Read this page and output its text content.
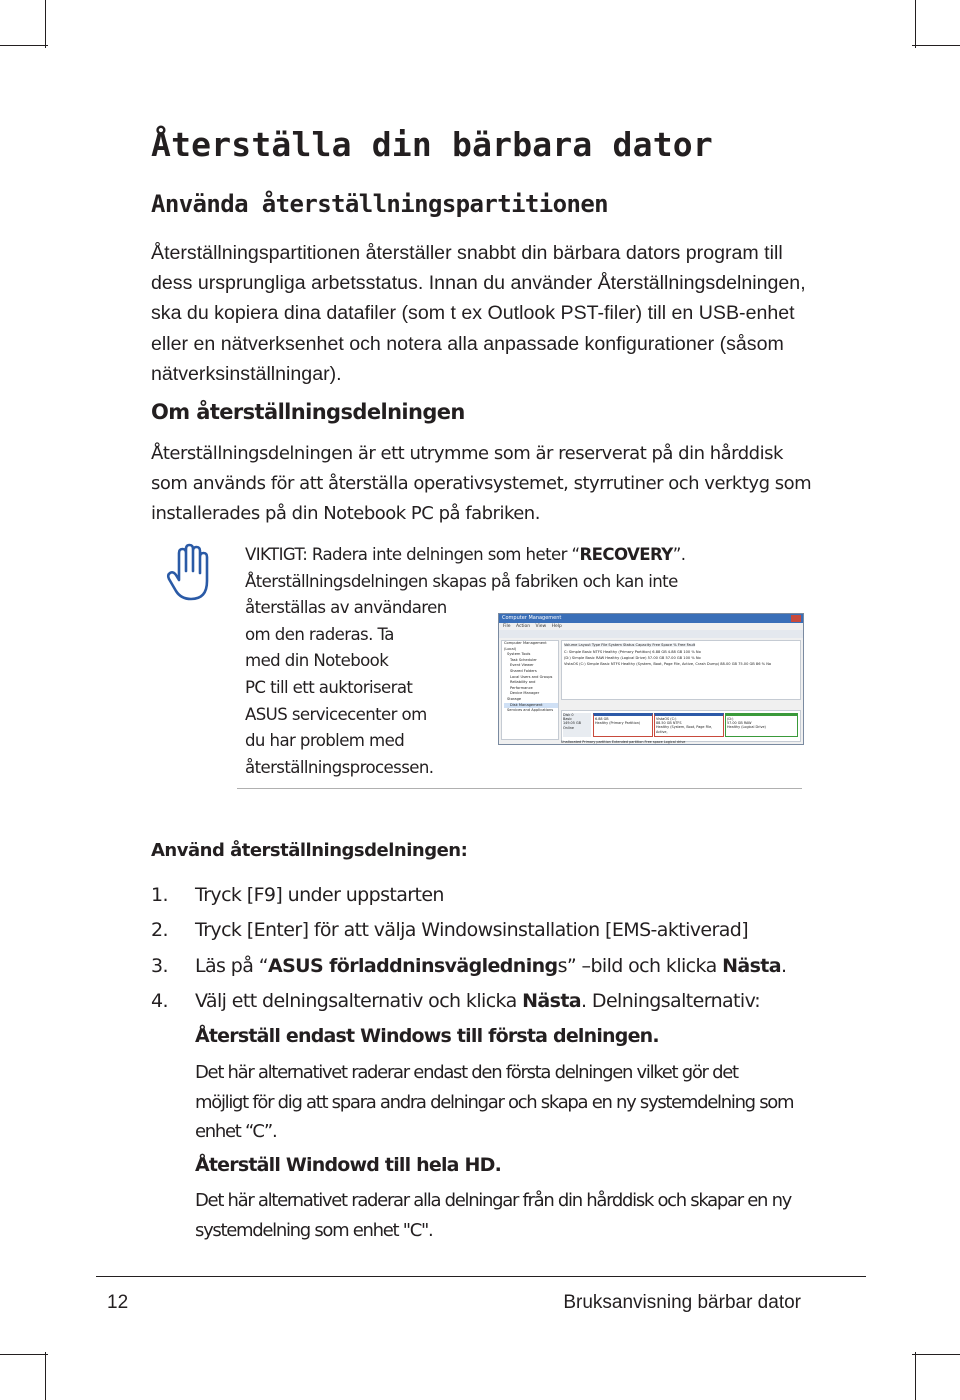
Återställa din bärbara dator
Använda återställningspartitionen

Återställningspartitionen återställer snabbt din bärbara dators program till dess ursprungliga arbetsstatus. Innan du använder Återställningsdelningen, ska du kopiera dina datafiler (som t ex Outlook PST-filer) till en USB-enhet eller en nätverksenhet och notera alla anpassade konfigurationer (såsom nätverksinställningar).

Om återställningsdelningen

Återställningsdelningen är ett utrymme som är reserverat på din hårddisk som används för att återställa operativsystemet, styrrutiner och verktyg som installerades på din Notebook PC på fabriken.

VIKTIGT: Radera inte delningen som heter “RECOVERY”.
Återställningsdelningen skapas på fabriken och kan inte
återställas av användaren
om den raderas. Ta
med din Notebook
PC till ett auktoriserat
ASUS servicecenter om
du har problem med
återställningsprocessen.
Computer Management
File Action View Help
Computer Management (Local)
System Tools
Task Scheduler
Event Viewer
Shared Folders
Local Users and Groups
Reliability and Performance
Device Manager
Storage
Disk Management
Services and Applications
Volume Layout Type File System Status Capacity Free Space % Free Fault
C: Simple Basic NTFS Healthy (Primary Partition) 6.88 GB 4.88 GB 100 % No
(D:) Simple Basic RAW Healthy (Logical Drive) 57.00 GB 57.00 GB 100 % No
VistaOS (C:) Simple Basic NTFS Healthy (System, Boot, Page File, Active, Crash Dump) 88.00 GB 75.00 GB 86 % No
Disk 0
Basic
149.05 GB
Online
6.88 GB
Healthy (Primary Partition)
VistaOS (C:)
88.50 GB NTFS
Healthy (System, Boot, Page File, Active,
(D:)
57.00 GB RAW
Healthy (Logical Drive)
Unallocated Primary partition Extended partition Free space Logical drive
Använd återställningsdelningen:
1. Tryck [F9] under uppstarten
2. Tryck [Enter] för att välja Windowsinstallation [EMS-aktiverad]
3. Läs på “ASUS förladdninsväglednings” –bild och klicka Nästa.
4. Välj ett delningsalternativ och klicka Nästa. Delningsalternativ:
Återställ endast Windows till första delningen.

Det här alternativet raderar endast den första delningen vilket gör det möjligt för dig att spara andra delningar och skapa en ny systemdelning som enhet “C”.

Återställ Windowd till hela HD.

Det här alternativet raderar alla delningar från din hårddisk och skapar en ny systemdelning som enhet "C".

12	Bruksanvisning bärbar dator
